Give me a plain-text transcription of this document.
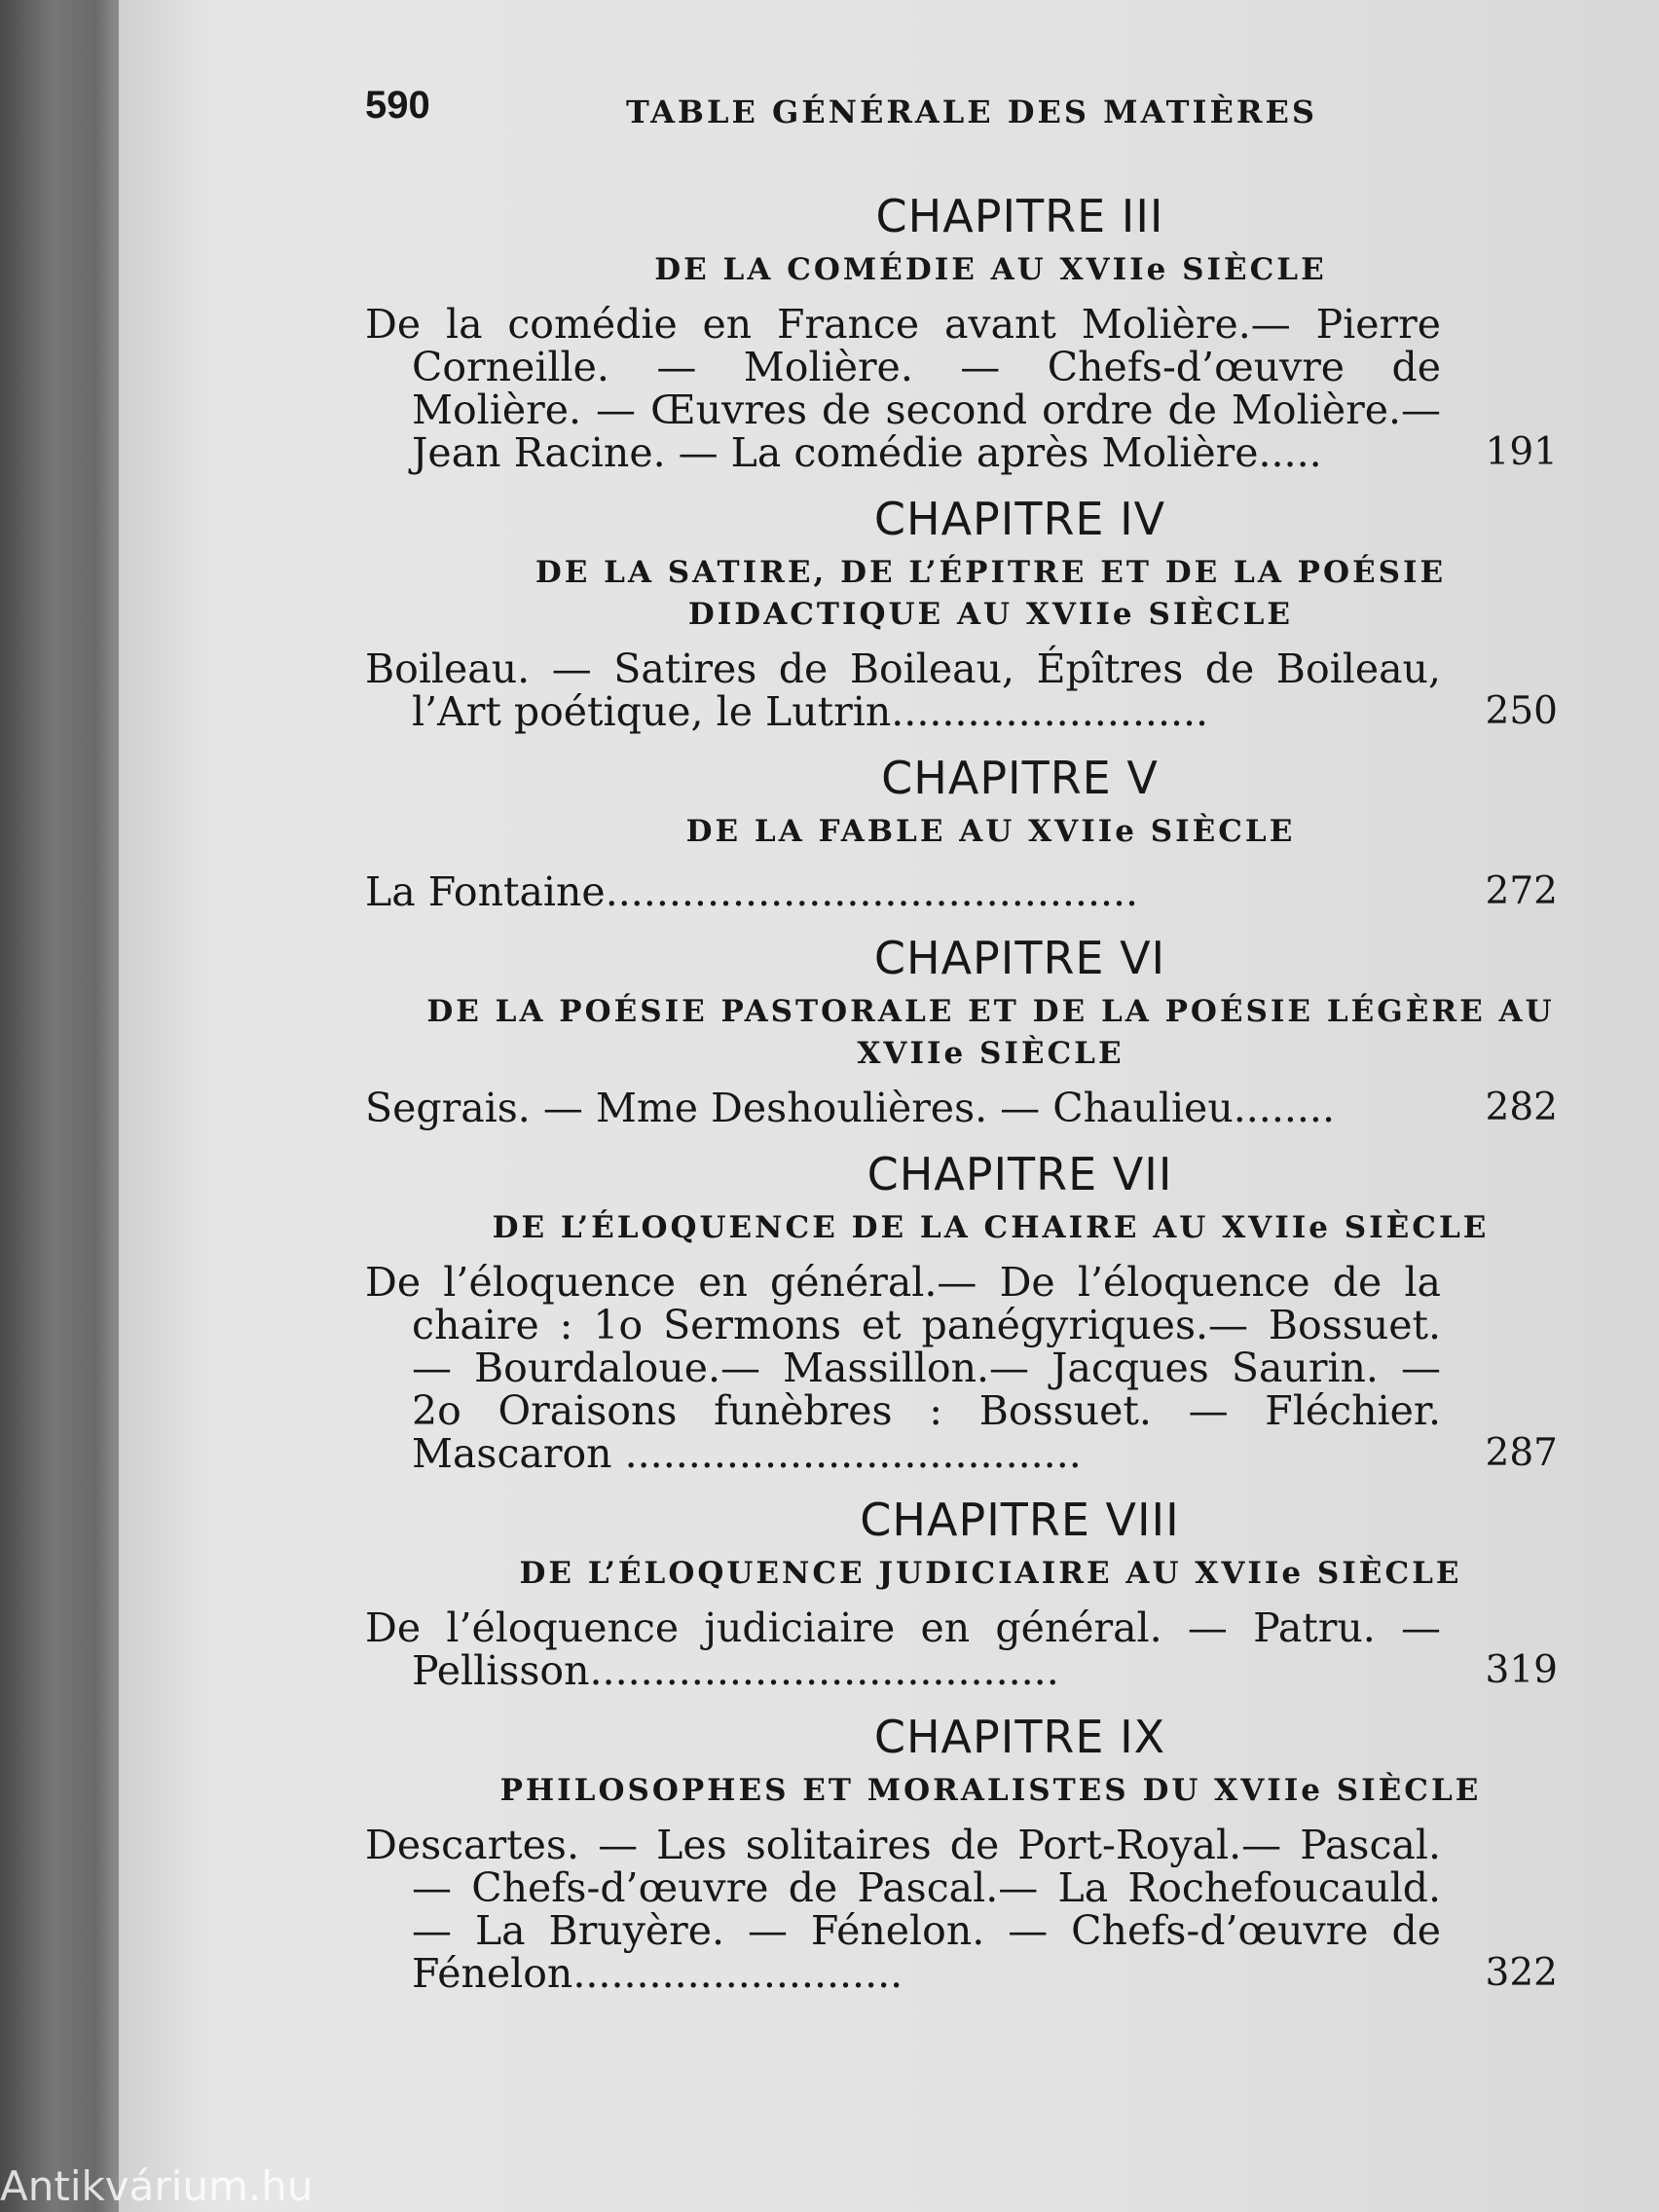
590	TABLE GÉNÉRALE DES MATIÈRES
CHAPITRE III
DE LA COMÉDIE AU XVIIe SIÈCLE
De la comédie en France avant Molière.— Pierre Corneille. — Molière. — Chefs-d’œuvre de Molière. — Œuvres de second ordre de Molière.— Jean Racine. — La comédie après Molière.....	191
CHAPITRE IV
DE LA SATIRE, DE L’ÉPITRE ET DE LA POÉSIE DIDACTIQUE AU XVIIe SIÈCLE
Boileau. — Satires de Boileau, Épîtres de Boileau, l’Art poétique, le Lutrin.........................	250
CHAPITRE V
DE LA FABLE AU XVIIe SIÈCLE
La Fontaine..........................................	272
CHAPITRE VI
DE LA POÉSIE PASTORALE ET DE LA POÉSIE LÉGÈRE AU XVIIe SIÈCLE
Segrais. — Mme Deshoulières. — Chaulieu........	282
CHAPITRE VII
DE L’ÉLOQUENCE DE LA CHAIRE AU XVIIe SIÈCLE
De l’éloquence en général.— De l’éloquence de la chaire : 1o Sermons et panégyriques.— Bossuet. — Bourdaloue.— Massillon.— Jacques Saurin. — 2o Oraisons funèbres : Bossuet. — Fléchier. Mascaron ....................................	287
CHAPITRE VIII
DE L’ÉLOQUENCE JUDICIAIRE AU XVIIe SIÈCLE
De l’éloquence judiciaire en général. — Patru. — Pellisson.....................................	319
CHAPITRE IX
PHILOSOPHES ET MORALISTES DU XVIIe SIÈCLE
Descartes. — Les solitaires de Port-Royal.— Pascal.— Chefs-d’œuvre de Pascal.— La Rochefoucauld. — La Bruyère. — Fénelon. — Chefs-d’œuvre de Fénelon..........................	322
Antikvárium.hu
